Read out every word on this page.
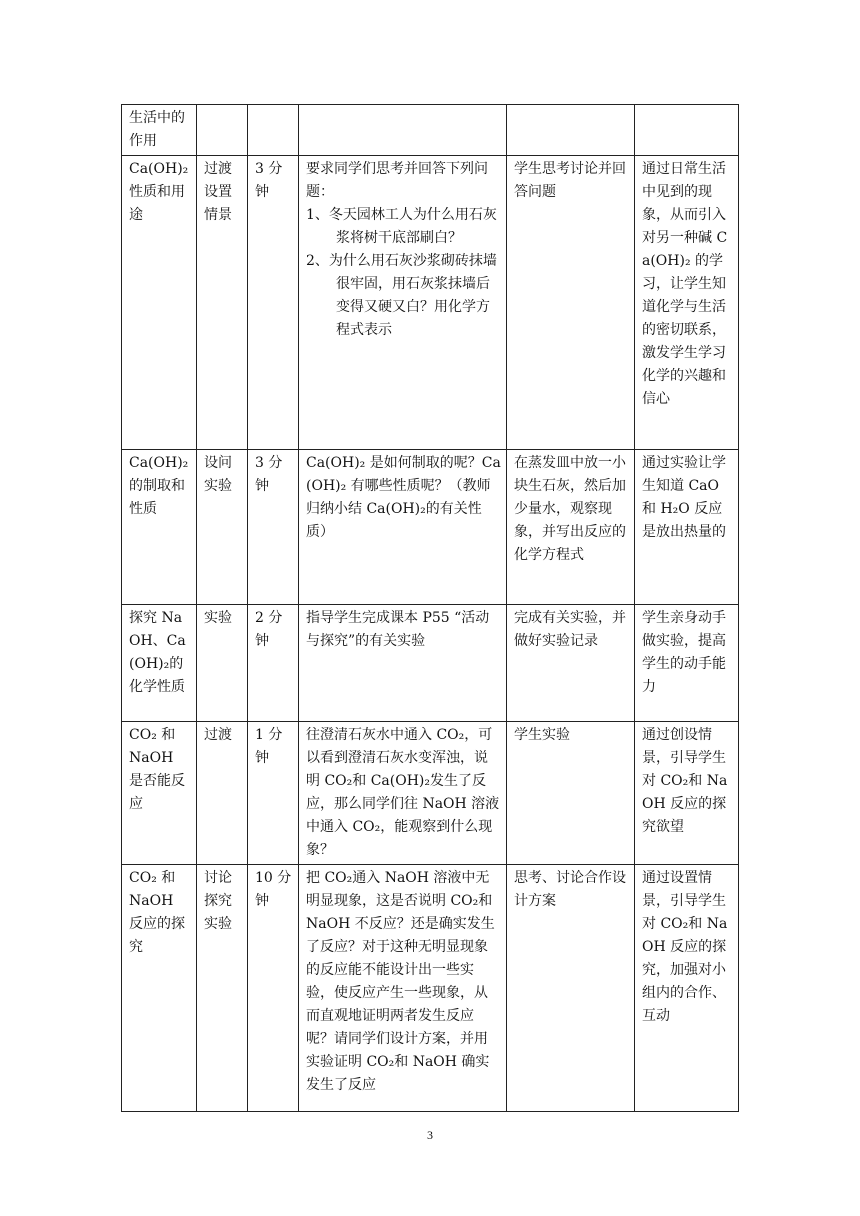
生活中的作用					
Ca(OH)₂性质和用途	过渡设置情景	3 分钟	要求同学们思考并回答下列问题：
1、冬天园林工人为什么用石灰浆将树干底部刷白？
2、为什么用石灰沙浆砌砖抹墙很牢固，用石灰浆抹墙后变得又硬又白？用化学方程式表示	学生思考讨论并回答问题	通过日常生活中见到的现象，从而引入对另一种碱 Ca(OH)₂ 的学习，让学生知道化学与生活的密切联系，激发学生学习化学的兴趣和信心
Ca(OH)₂的制取和性质	设问实验	3 分钟	Ca(OH)₂ 是如何制取的呢？Ca(OH)₂ 有哪些性质呢？（教师归纳小结 Ca(OH)₂的有关性质）	在蒸发皿中放一小块生石灰，然后加少量水，观察现象，并写出反应的化学方程式	通过实验让学生知道 CaO 和 H₂O 反应是放出热量的
探究 NaOH、Ca(OH)₂的化学性质	实验	2 分钟	指导学生完成课本 P55 “活动与探究”的有关实验	完成有关实验，并做好实验记录	学生亲身动手做实验，提高学生的动手能力
CO₂ 和 NaOH 是否能反应	过渡	1 分钟	往澄清石灰水中通入 CO₂，可以看到澄清石灰水变浑浊，说明 CO₂和 Ca(OH)₂发生了反应，那么同学们往 NaOH 溶液中通入 CO₂，能观察到什么现象？	学生实验	通过创设情景，引导学生对 CO₂和 NaOH 反应的探究欲望
CO₂ 和 NaOH 反应的探究	讨论探究实验	10 分钟	把 CO₂通入 NaOH 溶液中无明显现象，这是否说明 CO₂和 NaOH 不反应？还是确实发生了反应？对于这种无明显现象的反应能不能设计出一些实验，使反应产生一些现象，从而直观地证明两者发生反应呢？请同学们设计方案，并用实验证明 CO₂和 NaOH 确实发生了反应	思考、讨论合作设计方案	通过设置情景，引导学生对 CO₂和 NaOH 反应的探究，加强对小组内的合作、互动
3
